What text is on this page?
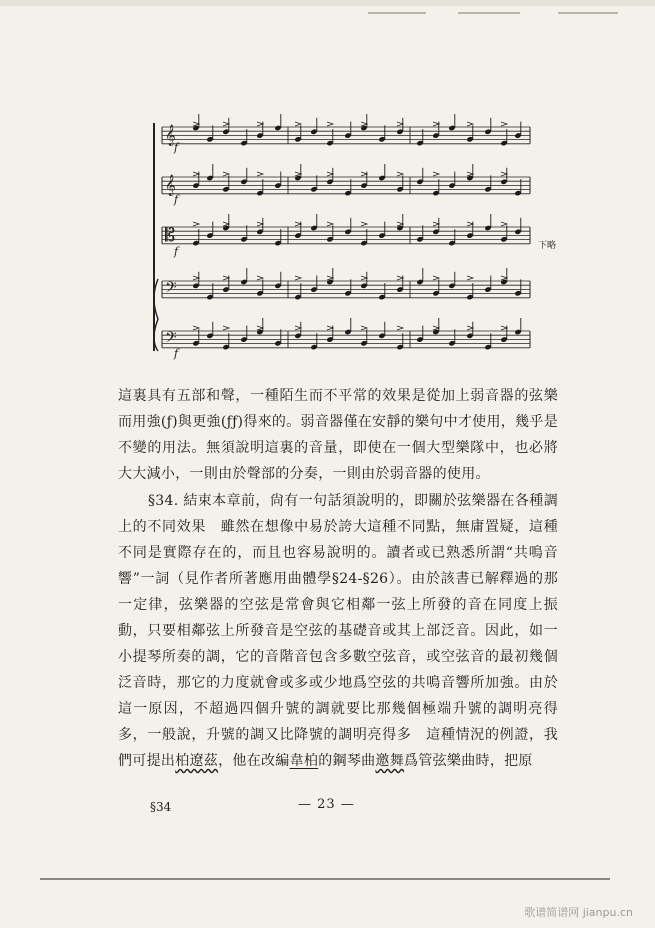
𝄞
𝄞
𝄡
𝄢
𝄢
f
f
f
f
下略
這裏具有五部和聲，一種陌生而不平常的效果是從加上弱音器的弦樂而用強(ƒ)與更強(ƒƒ)得來的。弱音器僅在安靜的樂句中才使用，幾乎是不變的用法。無須說明這裏的音量，即使在一個大型樂隊中，也必將大大減小，一則由於聲部的分奏，一則由於弱音器的使用。
§34. 結束本章前，尙有一句話須說明的，即關於弦樂器在各種調上的不同效果　雖然在想像中易於誇大這種不同點，無庸置疑，這種不同是實際存在的，而且也容易說明的。讀者或已熟悉所謂“共鳴音響”一詞（見作者所著應用曲體學§24-§26）。由於該書已解釋過的那一定律，弦樂器的空弦是常會與它相鄰一弦上所發的音在同度上振動，只要相鄰弦上所發音是空弦的基礎音或其上部泛音。因此，如一小提琴所奏的調，它的音階音包含多數空弦音，或空弦音的最初幾個泛音時，那它的力度就會或多或少地爲空弦的共鳴音響所加強。由於這一原因，不超過四個升號的調就要比那幾個極端升號的調明亮得多，一般說，升號的調又比降號的調明亮得多　這種情況的例證，我們可提出柏遼茲，他在改編韋柏的鋼琴曲邀舞爲管弦樂曲時，把原
§34	— 23 —
歌谱简谱网 jianpu.cn
